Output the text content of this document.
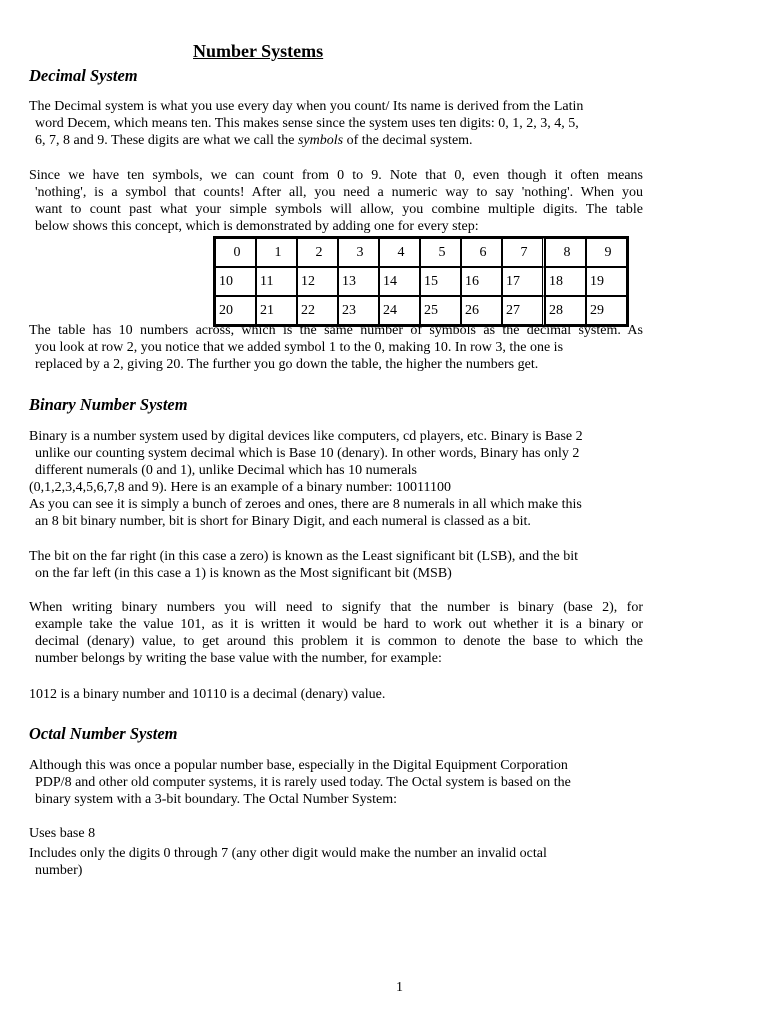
Number Systems
Decimal System

The Decimal system is what you use every day when you count/ Its name is derived from the Latin
word Decem, which means ten. This makes sense since the system uses ten digits: 0, 1, 2, 3, 4, 5,
6, 7, 8 and 9. These digits are what we call the symbols of the decimal system.

Since we have ten symbols, we can count from 0 to 9. Note that 0, even though it often means
'nothing', is a symbol that counts! After all, you need a numeric way to say 'nothing'. When you
want to count past what your simple symbols will allow, you combine multiple digits. The table
below shows this concept, which is demonstrated by adding one for every step:

0	1	2	3	4	5	6	7	8	9
10	11	12	13	14	15	16	17	18	19
20	21	22	23	24	25	26	27	28	29

The table has 10 numbers across, which is the same number of symbols as the decimal system. As
you look at row 2, you notice that we added symbol 1 to the 0, making 10. In row 3, the one is
replaced by a 2, giving 20. The further you go down the table, the higher the numbers get.

Binary Number System

Binary is a number system used by digital devices like computers, cd players, etc. Binary is Base 2
unlike our counting system decimal which is Base 10 (denary). In other words, Binary has only 2
different numerals (0 and 1), unlike Decimal which has 10 numerals
(0,1,2,3,4,5,6,7,8 and 9). Here is an example of a binary number: 10011100

As you can see it is simply a bunch of zeroes and ones, there are 8 numerals in all which make this
an 8 bit binary number, bit is short for Binary Digit, and each numeral is classed as a bit.

The bit on the far right (in this case a zero) is known as the Least significant bit (LSB), and the bit
on the far left (in this case a 1) is known as the Most significant bit (MSB)

When writing binary numbers you will need to signify that the number is binary (base 2), for
example take the value 101, as it is written it would be hard to work out whether it is a binary or
decimal (denary) value, to get around this problem it is common to denote the base to which the
number belongs by writing the base value with the number, for example:

1012 is a binary number and 10110 is a decimal (denary) value.

Octal Number System

Although this was once a popular number base, especially in the Digital Equipment Corporation
PDP/8 and other old computer systems, it is rarely used today. The Octal system is based on the
binary system with a 3-bit boundary. The Octal Number System:

Uses base 8

Includes only the digits 0 through 7 (any other digit would make the number an invalid octal
number)

1
